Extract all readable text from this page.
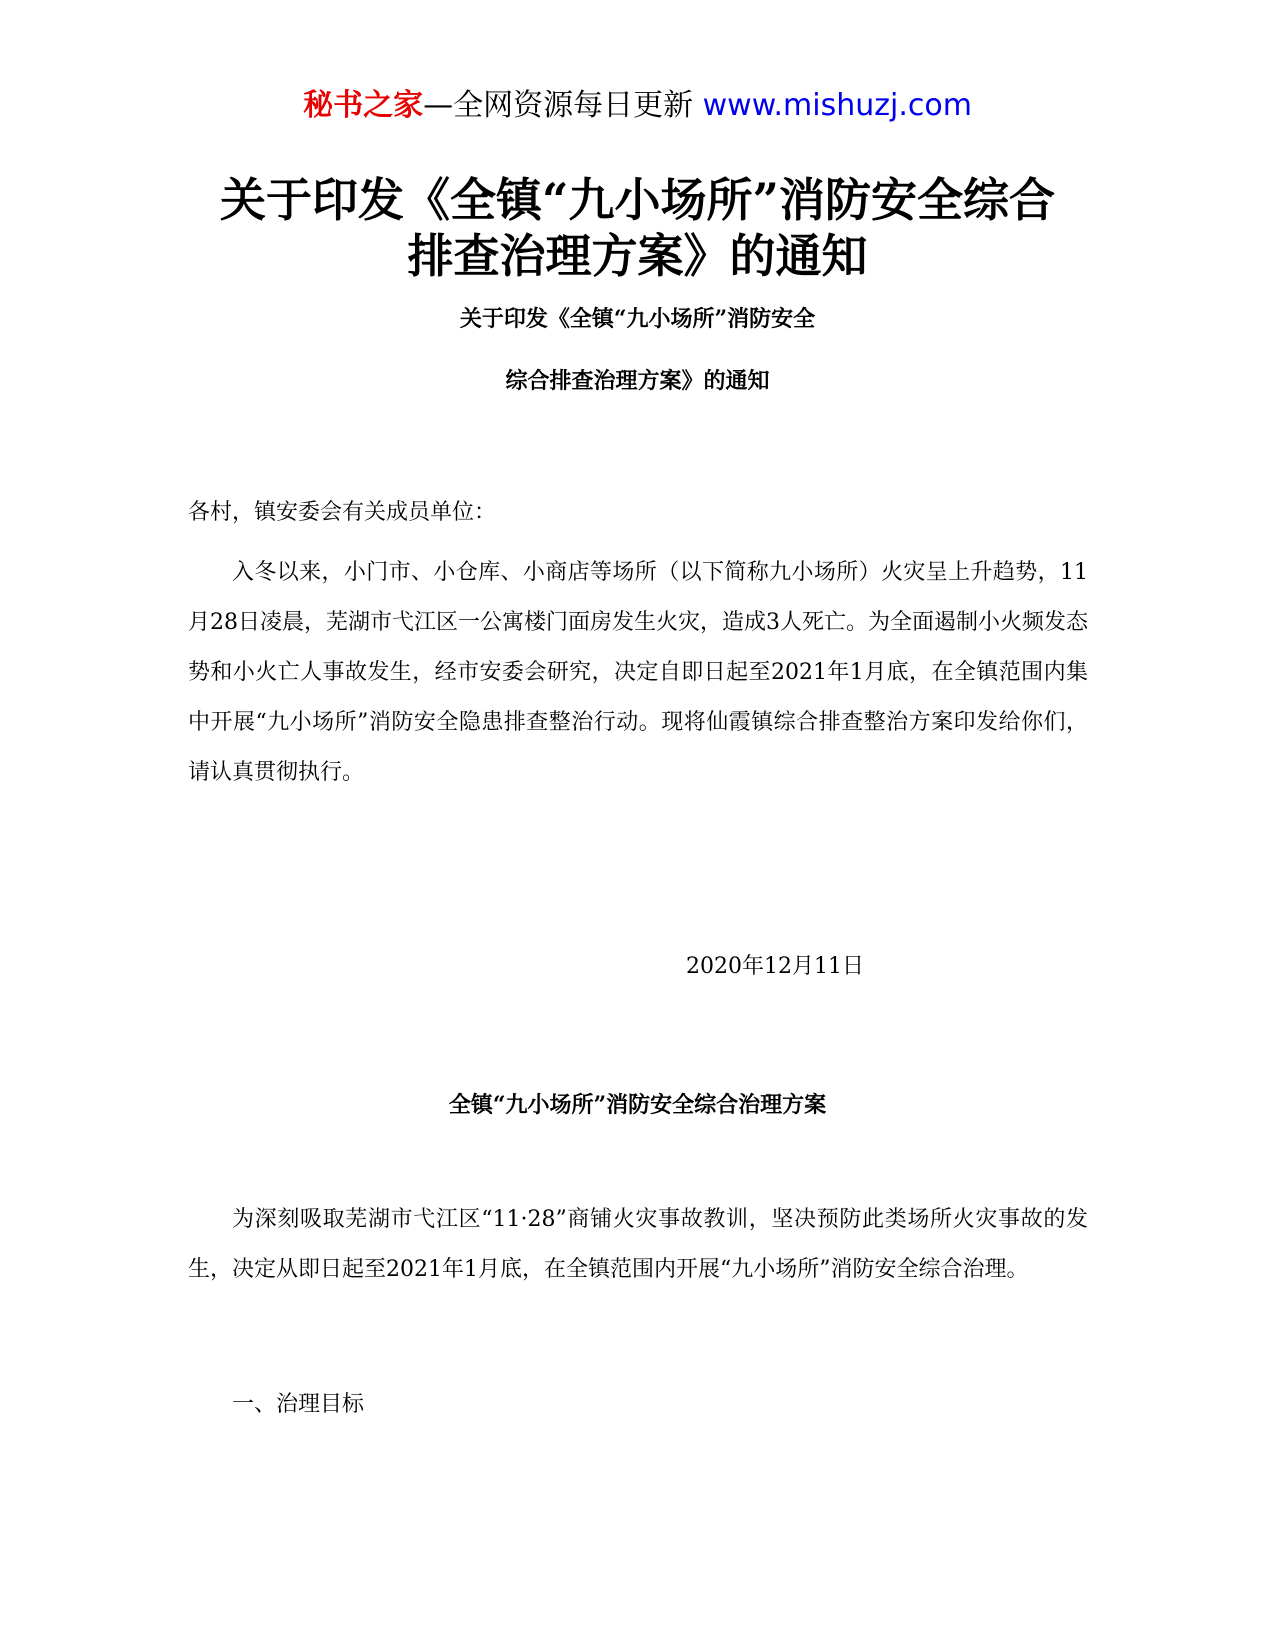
秘书之家—全网资源每日更新 www.mishuzj.com
关于印发《全镇“九小场所”消防安全综合
排查治理方案》的通知
关于印发《全镇“九小场所”消防安全
综合排查治理方案》的通知
各村，镇安委会有关成员单位：
入冬以来，小门市、小仓库、小商店等场所（以下简称九小场所）火灾呈上升趋势，11月28日凌晨，芜湖市弋江区一公寓楼门面房发生火灾，造成3人死亡。为全面遏制小火频发态势和小火亡人事故发生，经市安委会研究，决定自即日起至2021年1月底，在全镇范围内集中开展“九小场所”消防安全隐患排查整治行动。现将仙霞镇综合排查整治方案印发给你们，请认真贯彻执行。
2020年12月11日
全镇“九小场所”消防安全综合治理方案
为深刻吸取芜湖市弋江区“11·28”商铺火灾事故教训，坚决预防此类场所火灾事故的发生，决定从即日起至2021年1月底，在全镇范围内开展“九小场所”消防安全综合治理。
一、治理目标
